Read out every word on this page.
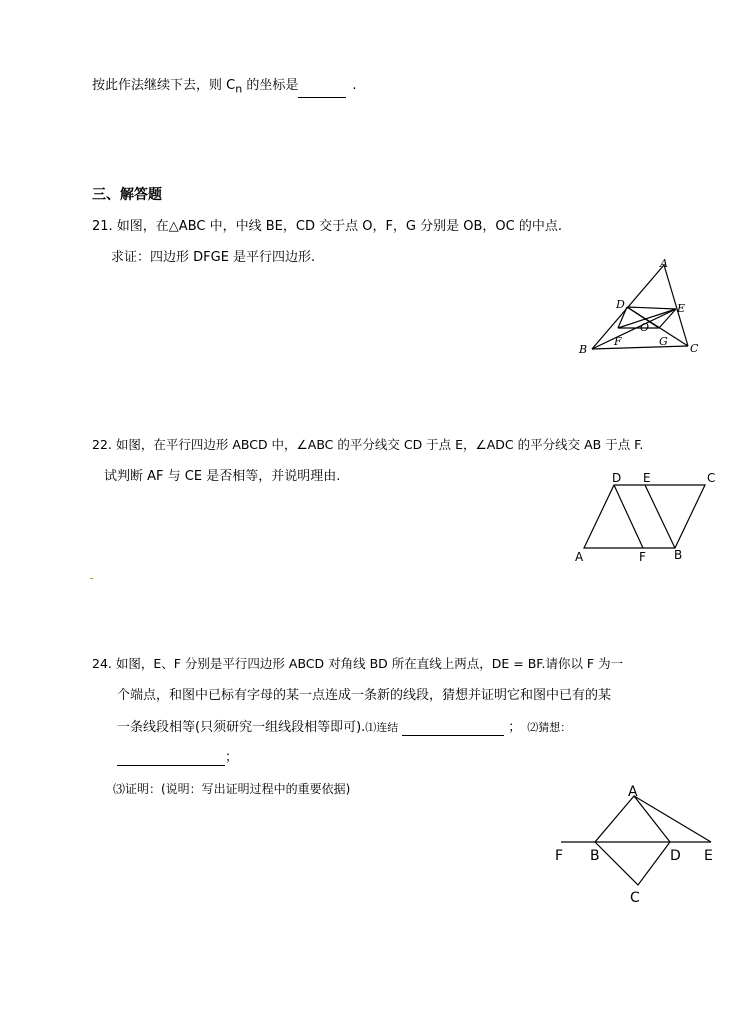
按此作法继续下去，则 $C_n$ 的坐标是	.
三、解答题
21. 如图，在△ABC 中，中线 BE，CD 交于点 O，F，G 分别是 OB，OC 的中点.
求证：四边形 DFGE 是平行四边形.	A
D	E
O
B
F	G
C
22. 如图，在平行四边形 ABCD 中，∠ABC 的平分线交 CD 于点 E，∠ADC 的平分线交 AB 于点 F.
试判断 AF 与 CE 是否相等，并说明理由.	D E	C
A	F B
24. 如图，E、F 分别是平行四边形 ABCD 对角线 BD 所在直线上两点，DE = BF.请你以 F 为一
个端点，和图中已标有字母的某一点连成一条新的线段，猜想并证明它和图中已有的某
一条线段相等(只须研究一组线段相等即可).⑴连结	； ⑵猜想：
；
⑶证明：(说明：写出证明过程中的重要依据)	A
F B	D E
C
